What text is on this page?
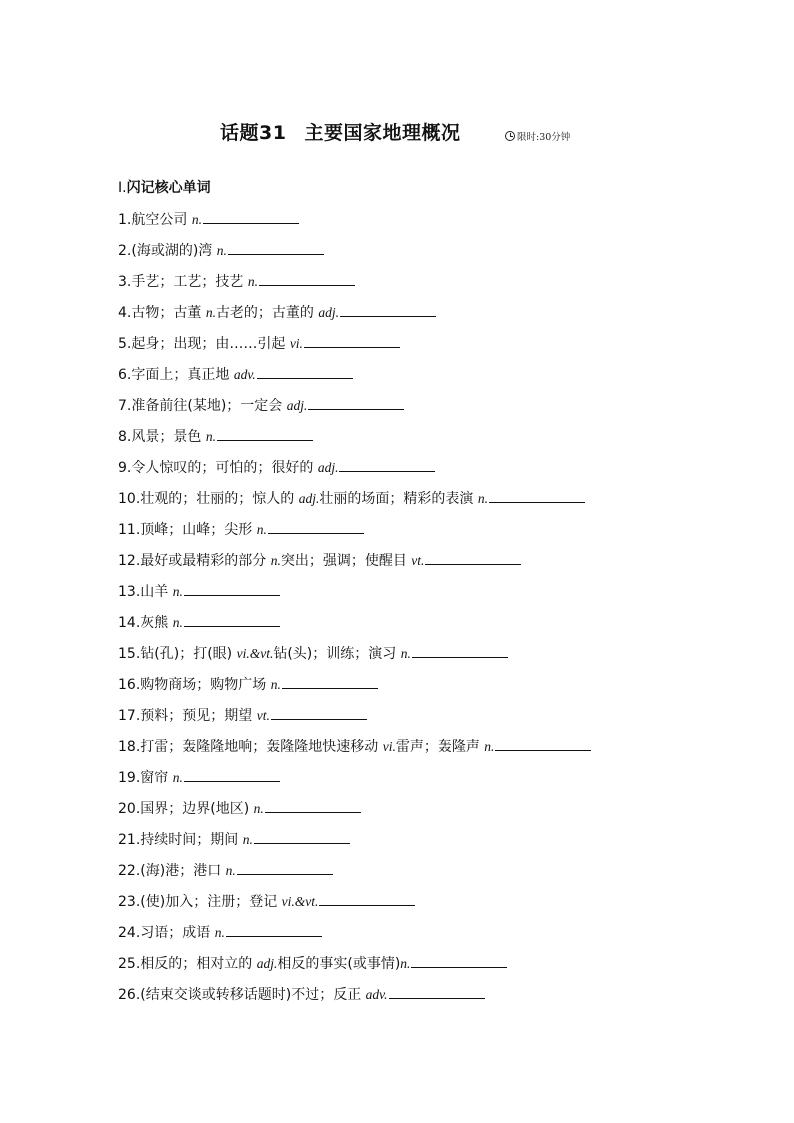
话题31 主要国家地理概况	限时:30分钟
Ⅰ.闪记核心单词
1.航空公司 n.
2.(海或湖的)湾 n.
3.手艺；工艺；技艺 n.
4.古物；古董 n.古老的；古董的 adj.
5.起身；出现；由……引起 vi.
6.字面上；真正地 adv.
7.准备前往(某地)；一定会 adj.
8.风景；景色 n.
9.令人惊叹的；可怕的；很好的 adj.
10.壮观的；壮丽的；惊人的 adj.壮丽的场面；精彩的表演 n.
11.顶峰；山峰；尖形 n.
12.最好或最精彩的部分 n.突出；强调；使醒目 vt.
13.山羊 n.
14.灰熊 n.
15.钻(孔)；打(眼) vi.&vt.钻(头)；训练；演习 n.
16.购物商场；购物广场 n.
17.预料；预见；期望 vt.
18.打雷；轰隆隆地响；轰隆隆地快速移动 vi.雷声；轰隆声 n.
19.窗帘 n.
20.国界；边界(地区) n.
21.持续时间；期间 n.
22.(海)港；港口 n.
23.(使)加入；注册；登记 vi.&vt.
24.习语；成语 n.
25.相反的；相对立的 adj.相反的事实(或事情)n.
26.(结束交谈或转移话题时)不过；反正 adv.
